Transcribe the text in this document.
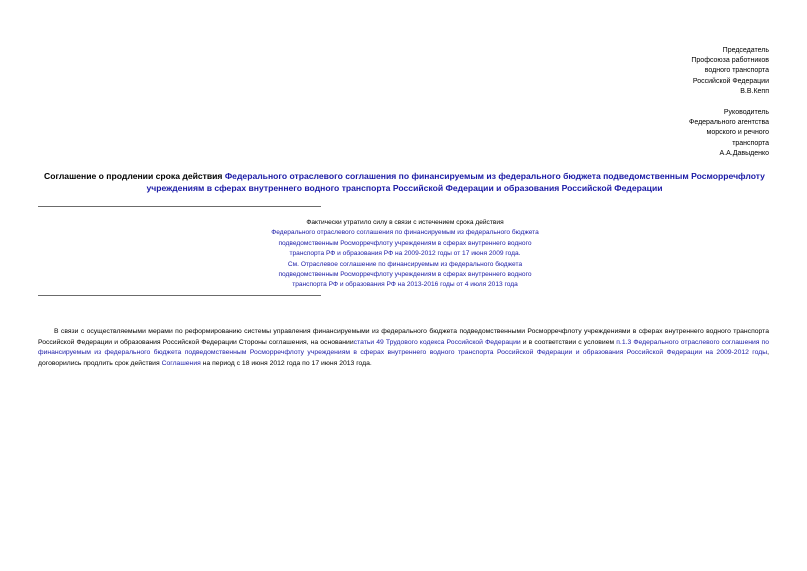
Председатель
Профсоюза работников
водного транспорта
Российской Федерации
В.В.Кепп
Руководитель
Федерального агентства
морского и речного
транспорта
А.А.Давыденко
Соглашение о продлении срока действия Федерального отраслевого соглашения по финансируемым из федерального бюджета подведомственным Росморречфлоту учреждениям в сферах внутреннего водного транспорта Российской Федерации и образования Российской Федерации
Фактически утратило силу в связи с истечением срока действия
Федерального отраслевого соглашения по финансируемым из федерального бюджета
подведомственным Росморречфлоту учреждениям в сферах внутреннего водного
транспорта РФ и образования РФ на 2009-2012 годы от 17 июня 2009 года.
См. Отраслевое соглашение по финансируемым из федерального бюджета
подведомственным Росморречфлоту учреждениям в сферах внутреннего водного
транспорта РФ и образования РФ на 2013-2016 годы от 4 июля 2013 года
В связи с осуществляемыми мерами по реформированию системы управления финансируемыми из федерального бюджета подведомственными Росморречфлоту учреждениями в сферах внутреннего водного транспорта Российской Федерации и образования Российской Федерации Стороны соглашения, на основаниистатьи 49 Трудового кодекса Российской Федерации и в соответствии с условием п.1.3 Федерального отраслевого соглашения по финансируемым из федерального бюджета подведомственным Росморречфлоту учреждениям в сферах внутреннего водного транспорта Российской Федерации и образования Российской Федерации на 2009-2012 годы, договорились продлить срок действия Соглашения на период с 18 июня 2012 года по 17 июня 2013 года.
